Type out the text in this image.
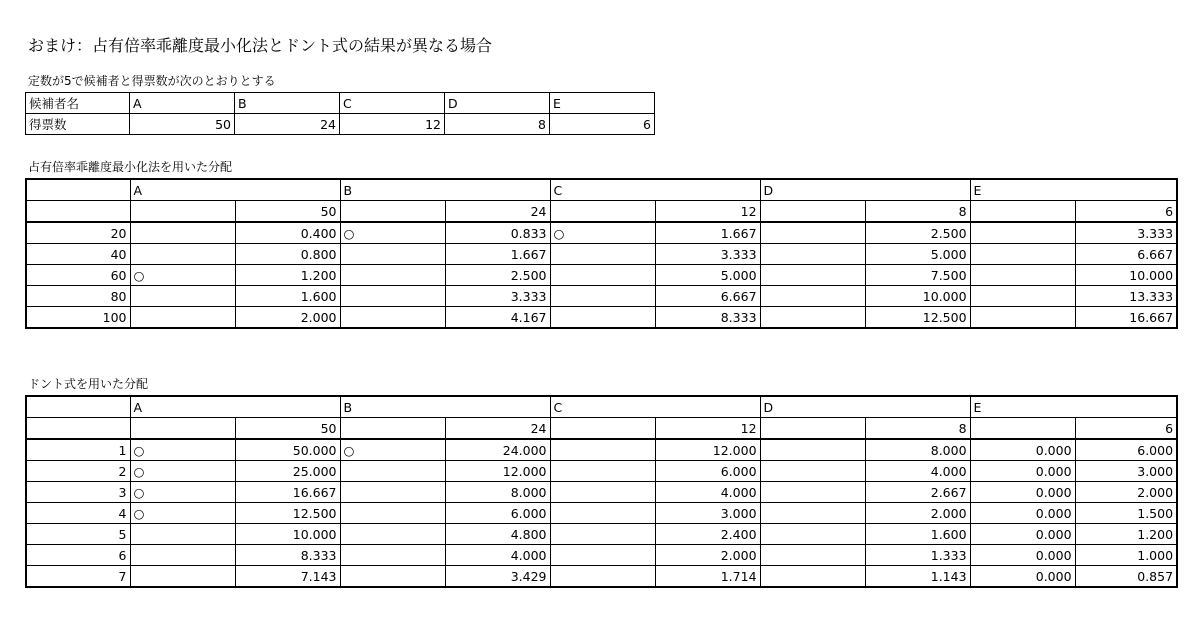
おまけ：占有倍率乖離度最小化法とドント式の結果が異なる場合
定数が5で候補者と得票数が次のとおりとする
候補者名	A	B	C	D	E
得票数	50	24	12	8	6
占有倍率乖離度最小化法を用いた分配
	A		B		C		D		E	
		50		24		12		8		6
20		0.400	○	0.833	○	1.667		2.500		3.333
40		0.800		1.667		3.333		5.000		6.667
60	○	1.200		2.500		5.000		7.500		10.000
80		1.600		3.333		6.667		10.000		13.333
100		2.000		4.167		8.333		12.500		16.667
ドント式を用いた分配
	A		B		C		D		E	
		50		24		12		8		6
1	○	50.000	○	24.000		12.000		8.000	0.000	6.000
2	○	25.000		12.000		6.000		4.000	0.000	3.000
3	○	16.667		8.000		4.000		2.667	0.000	2.000
4	○	12.500		6.000		3.000		2.000	0.000	1.500
5		10.000		4.800		2.400		1.600	0.000	1.200
6		8.333		4.000		2.000		1.333	0.000	1.000
7		7.143		3.429		1.714		1.143	0.000	0.857
